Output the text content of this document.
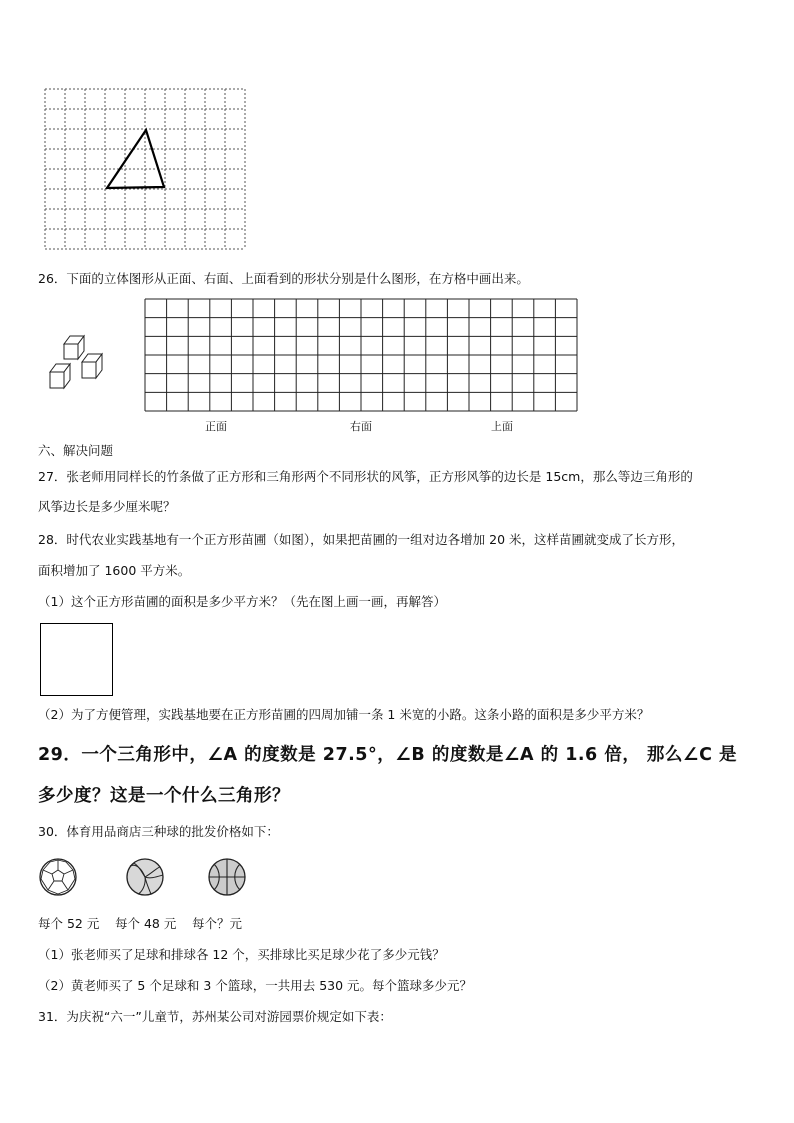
26．下面的立体图形从正面、右面、上面看到的形状分别是什么图形，在方格中画出来。
正面	右面	上面
六、解决问题
27．张老师用同样长的竹条做了正方形和三角形两个不同形状的风筝，正方形风筝的边长是 15cm，那么等边三角形的
风筝边长是多少厘米呢？
28．时代农业实践基地有一个正方形苗圃（如图），如果把苗圃的一组对边各增加 20 米，这样苗圃就变成了长方形，
面积增加了 1600 平方米。
（1）这个正方形苗圃的面积是多少平方米？（先在图上画一画，再解答）
（2）为了方便管理，实践基地要在正方形苗圃的四周加铺一条 1 米宽的小路。这条小路的面积是多少平方米？
29．一个三角形中，∠A 的度数是 27.5°，∠B 的度数是∠A 的 1.6 倍， 那么∠C 是
多少度？这是一个什么三角形？
30．体育用品商店三种球的批发价格如下：
每个 52 元 每个 48 元 每个？元
（1）张老师买了足球和排球各 12 个，买排球比买足球少花了多少元钱？
（2）黄老师买了 5 个足球和 3 个篮球，一共用去 530 元。每个篮球多少元？
31．为庆祝“六一”儿童节，苏州某公司对游园票价规定如下表：
